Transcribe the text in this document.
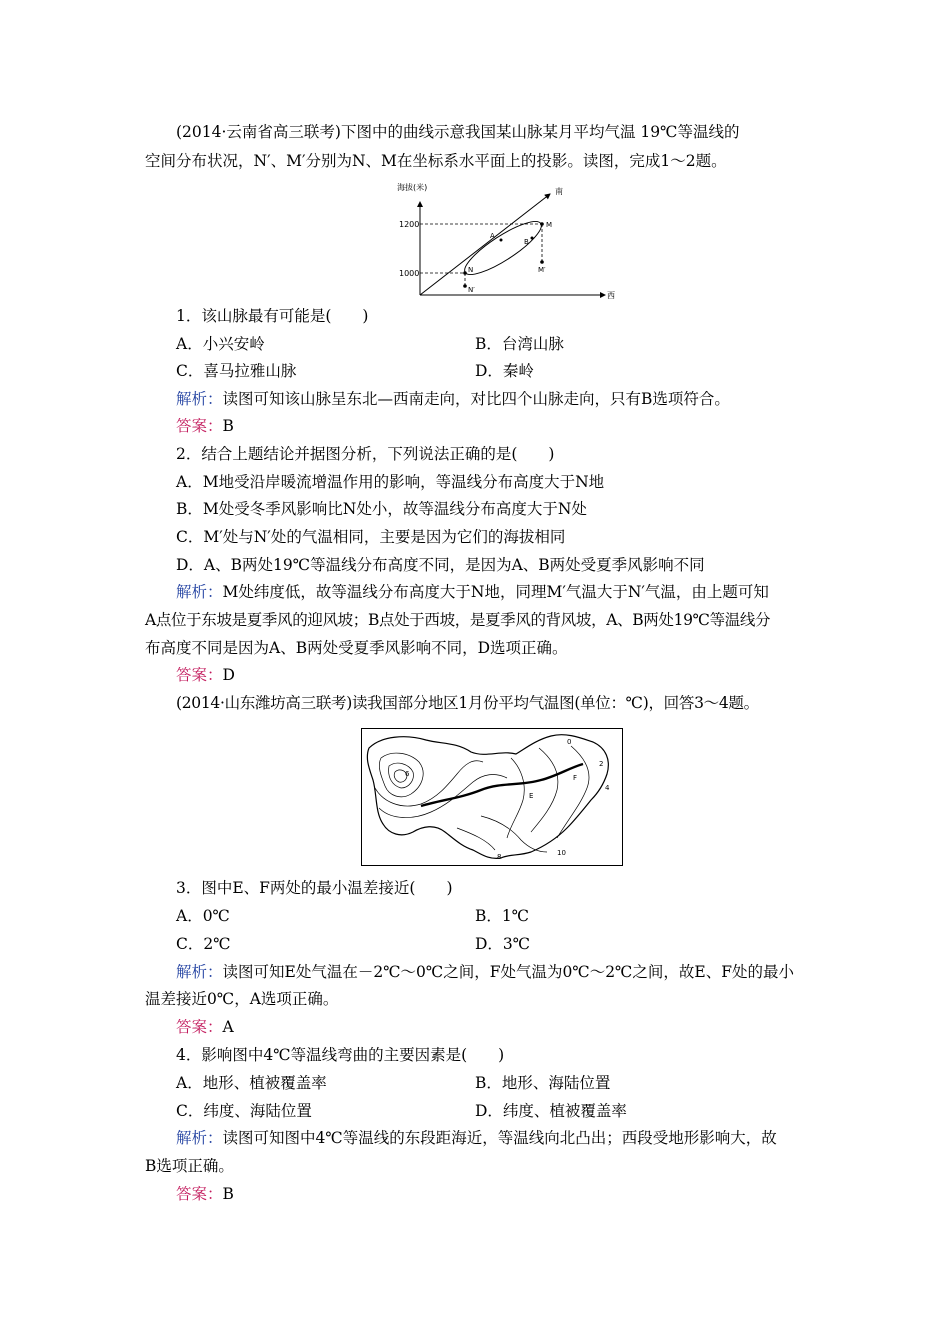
(2014·云南省高三联考)下图中的曲线示意我国某山脉某月平均气温 19℃等温线的
空间分布状况，N′、M′分别为N、M在坐标系水平面上的投影。读图，完成1～2题。
海拔(米)	南
西
1200
1000
M
A
B
N	M′
N′
1．该山脉最有可能是(　　)
A．小兴安岭	B．台湾山脉
C．喜马拉雅山脉	D．秦岭
解析：读图可知该山脉呈东北—西南走向，对比四个山脉走向，只有B选项符合。
答案：B
2．结合上题结论并据图分析，下列说法正确的是(　　)
A．M地受沿岸暖流增温作用的影响，等温线分布高度大于N地
B．M处受冬季风影响比N处小，故等温线分布高度大于N处
C．M′处与N′处的气温相同，主要是因为它们的海拔相同
D．A、B两处19℃等温线分布高度不同，是因为A、B两处受夏季风影响不同
解析：M处纬度低，故等温线分布高度大于N地，同理M′气温大于N′气温，由上题可知
A点位于东坡是夏季风的迎风坡；B点处于西坡，是夏季风的背风坡，A、B两处19℃等温线分
布高度不同是因为A、B两处受夏季风影响不同，D选项正确。
答案：D
(2014·山东潍坊高三联考)读我国部分地区1月份平均气温图(单位：℃)，回答3～4题。
0
2
4
6
8	10
E
F
3．图中E、F两处的最小温差接近(　　)
A．0℃	B．1℃
C．2℃	D．3℃
解析：读图可知E处气温在－2℃～0℃之间，F处气温为0℃～2℃之间，故E、F处的最小
温差接近0℃，A选项正确。
答案：A
4．影响图中4℃等温线弯曲的主要因素是(　　)
A．地形、植被覆盖率	B．地形、海陆位置
C．纬度、海陆位置	D．纬度、植被覆盖率
解析：读图可知图中4℃等温线的东段距海近，等温线向北凸出；西段受地形影响大，故
B选项正确。
答案：B
